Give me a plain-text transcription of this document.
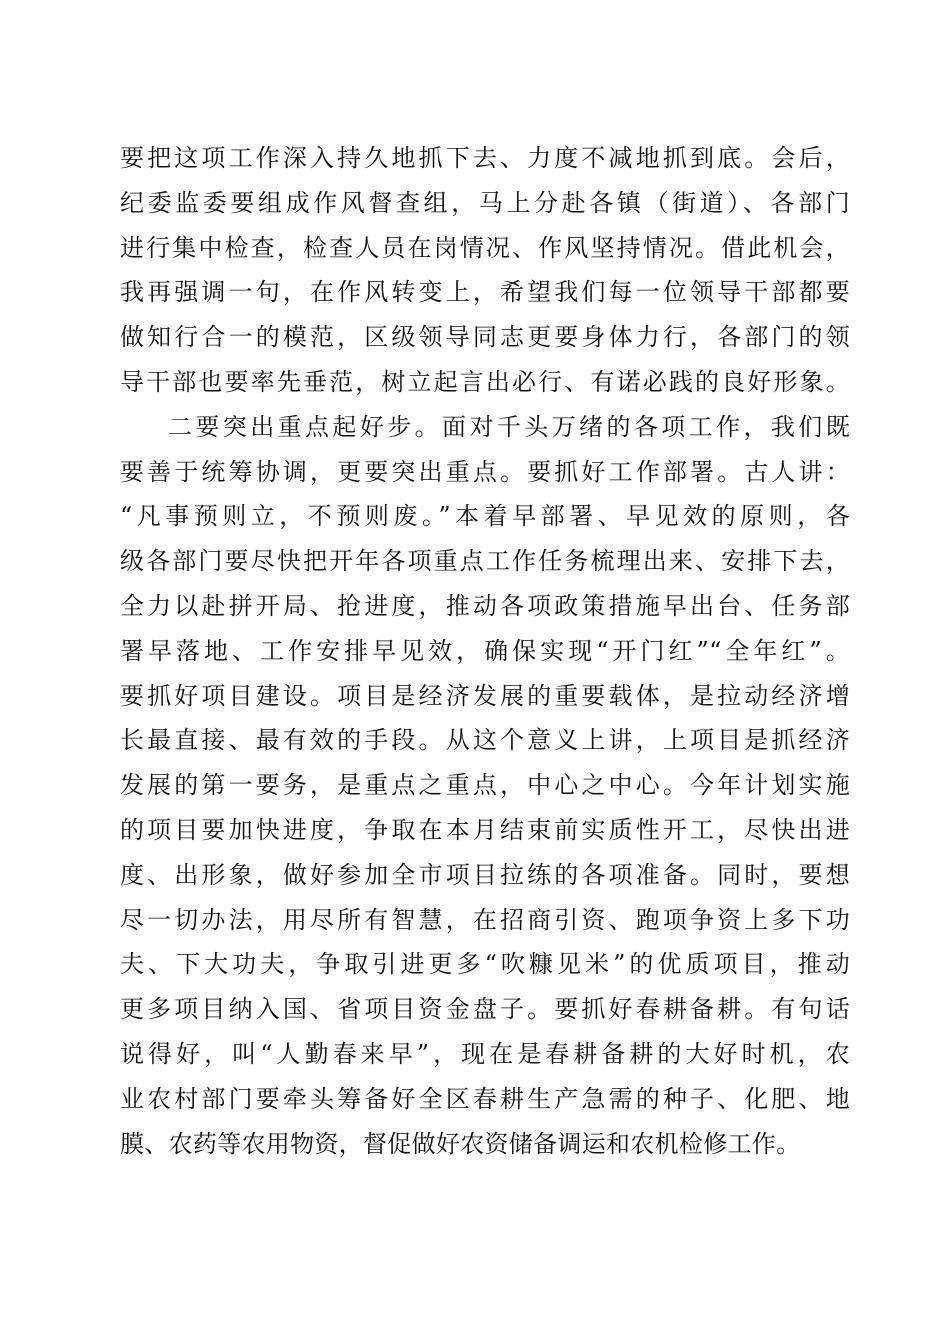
要把这项工作深入持久地抓下去、力度不减地抓到底。会后，
纪委监委要组成作风督查组，马上分赴各镇（街道）、各部门
进行集中检查，检查人员在岗情况、作风坚持情况。借此机会，
我再强调一句，在作风转变上，希望我们每一位领导干部都要
做知行合一的模范，区级领导同志更要身体力行，各部门的领
导干部也要率先垂范，树立起言出必行、有诺必践的良好形象。
二要突出重点起好步。面对千头万绪的各项工作，我们既
要善于统筹协调，更要突出重点。要抓好工作部署。古人讲：
“凡事预则立，不预则废。”本着早部署、早见效的原则，各
级各部门要尽快把开年各项重点工作任务梳理出来、安排下去，
全力以赴拼开局、抢进度，推动各项政策措施早出台、任务部
署早落地、工作安排早见效，确保实现“开门红”“全年红”。
要抓好项目建设。项目是经济发展的重要载体，是拉动经济增
长最直接、最有效的手段。从这个意义上讲，上项目是抓经济
发展的第一要务，是重点之重点，中心之中心。今年计划实施
的项目要加快进度，争取在本月结束前实质性开工，尽快出进
度、出形象，做好参加全市项目拉练的各项准备。同时，要想
尽一切办法，用尽所有智慧，在招商引资、跑项争资上多下功
夫、下大功夫，争取引进更多“吹糠见米”的优质项目，推动
更多项目纳入国、省项目资金盘子。要抓好春耕备耕。有句话
说得好，叫“人勤春来早”，现在是春耕备耕的大好时机，农
业农村部门要牵头筹备好全区春耕生产急需的种子、化肥、地
膜、农药等农用物资，督促做好农资储备调运和农机检修工作。
